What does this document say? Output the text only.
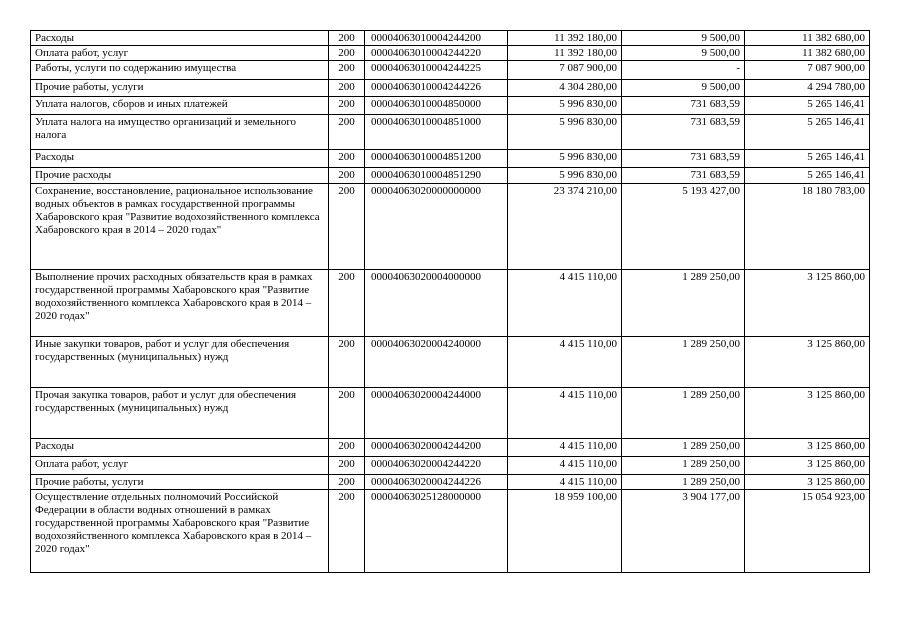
Расходы	200	00004063010004244200	11 392 180,00	9 500,00	11 382 680,00
Оплата работ, услуг	200	00004063010004244220	11 392 180,00	9 500,00	11 382 680,00
Работы, услуги по содержанию имущества	200	00004063010004244225	7 087 900,00	-	7 087 900,00
Прочие работы, услуги	200	00004063010004244226	4 304 280,00	9 500,00	4 294 780,00
Уплата налогов, сборов и иных платежей	200	00004063010004850000	5 996 830,00	731 683,59	5 265 146,41
Уплата налога на имущество организаций и земельного налога	200	00004063010004851000	5 996 830,00	731 683,59	5 265 146,41
Расходы	200	00004063010004851200	5 996 830,00	731 683,59	5 265 146,41
Прочие расходы	200	00004063010004851290	5 996 830,00	731 683,59	5 265 146,41
Сохранение, восстановление, рациональное использование водных объектов в рамках государственной программы Хабаровского края "Развитие водохозяйственного комплекса Хабаровского края в 2014 – 2020 годах"	200	00004063020000000000	23 374 210,00	5 193 427,00	18 180 783,00
Выполнение прочих расходных обязательств края в рамках государственной программы Хабаровского края "Развитие водохозяйственного комплекса Хабаровского края в 2014 – 2020 годах"	200	00004063020004000000	4 415 110,00	1 289 250,00	3 125 860,00
Иные закупки товаров, работ и услуг для обеспечения государственных (муниципальных) нужд	200	00004063020004240000	4 415 110,00	1 289 250,00	3 125 860,00
Прочая закупка товаров, работ и услуг для обеспечения государственных (муниципальных) нужд	200	00004063020004244000	4 415 110,00	1 289 250,00	3 125 860,00
Расходы	200	00004063020004244200	4 415 110,00	1 289 250,00	3 125 860,00
Оплата работ, услуг	200	00004063020004244220	4 415 110,00	1 289 250,00	3 125 860,00
Прочие работы, услуги	200	00004063020004244226	4 415 110,00	1 289 250,00	3 125 860,00
Осуществление отдельных полномочий Российской Федерации в области водных отношений в рамках государственной программы Хабаровского края "Развитие водохозяйственного комплекса Хабаровского края в 2014 – 2020 годах"	200	00004063025128000000	18 959 100,00	3 904 177,00	15 054 923,00
